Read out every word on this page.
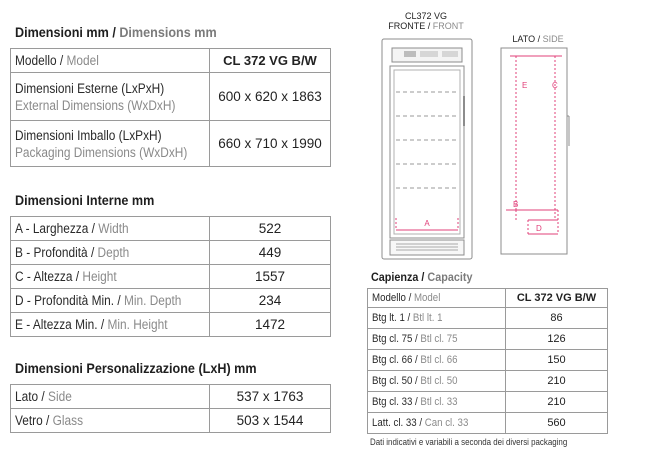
Dimensioni mm / Dimensions mm
Modello / Model	CL 372 VG B/W
Dimensioni Esterne (LxPxH)
External Dimensions (WxDxH)	600 x 620 x 1863
Dimensioni Imballo (LxPxH)
Packaging Dimensions (WxDxH)	660 x 710 x 1990
Dimensioni Interne mm
A - Larghezza / Width	522
B - Profondità / Depth	449
C - Altezza / Height	1557
D - Profondità Min. / Min. Depth	234
E - Altezza Min. / Min. Height	1472
Dimensioni Personalizzazione (LxH) mm
Lato / Side	537 x 1763
Vetro / Glass	503 x 1544
CL372 VG
FRONTE / FRONT
LATO / SIDE
A
E	C
B
D
Capienza / Capacity
Modello / Model	CL 372 VG B/W
Btg lt. 1 / Btl lt. 1	86
Btg cl. 75 / Btl cl. 75	126
Btg cl. 66 / Btl cl. 66	150
Btg cl. 50 / Btl cl. 50	210
Btg cl. 33 / Btl cl. 33	210
Latt. cl. 33 / Can cl. 33	560
Dati indicativi e variabili a seconda dei diversi packaging
